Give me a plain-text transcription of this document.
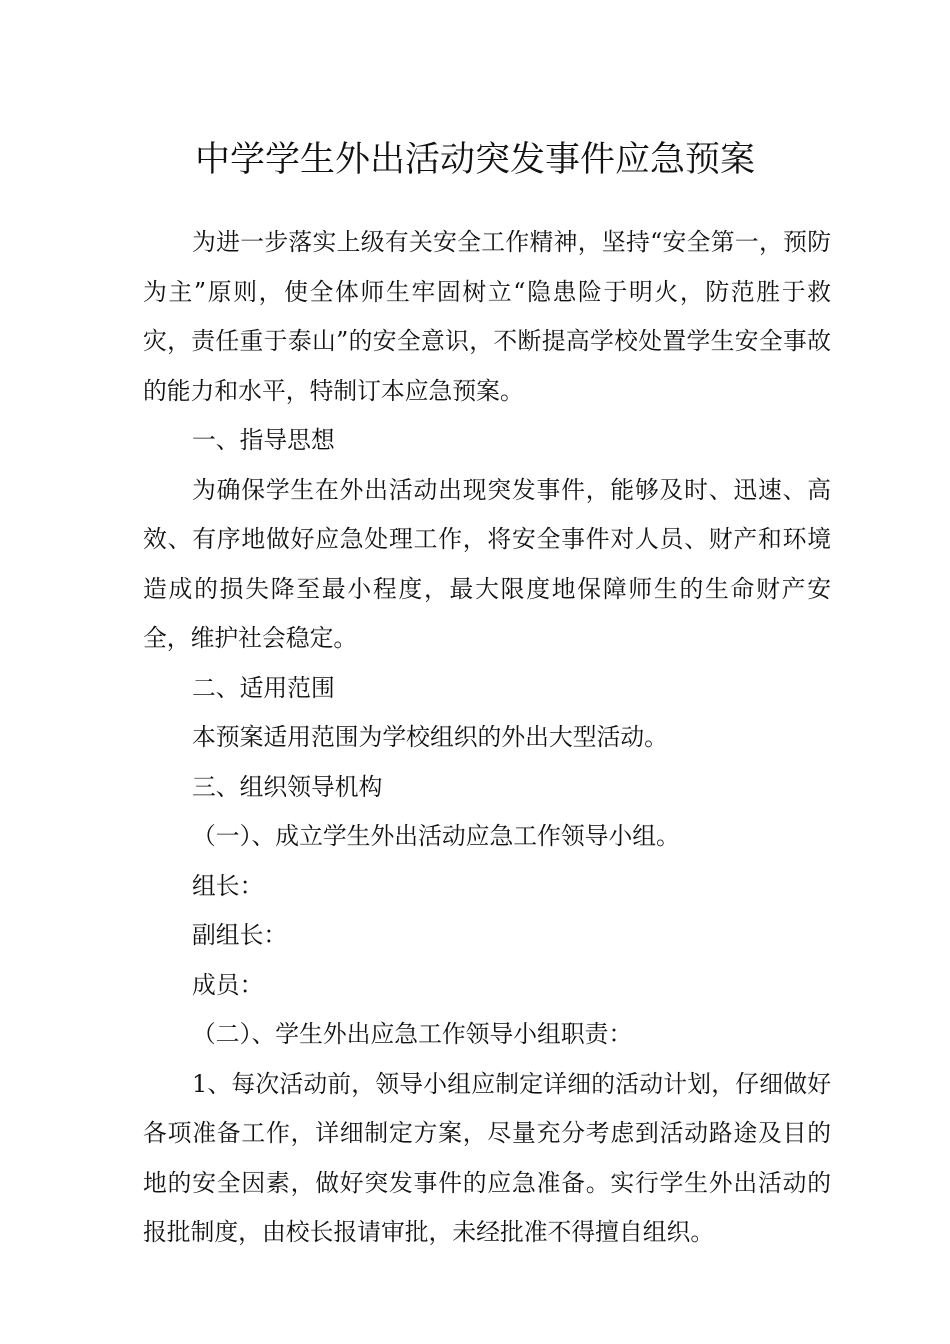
中学学生外出活动突发事件应急预案

为进一步落实上级有关安全工作精神，坚持“安全第一，预防为主”原则，使全体师生牢固树立“隐患险于明火，防范胜于救灾，责任重于泰山”的安全意识，不断提高学校处置学生安全事故的能力和水平，特制订本应急预案。

一、指导思想

为确保学生在外出活动出现突发事件，能够及时、迅速、高效、有序地做好应急处理工作，将安全事件对人员、财产和环境造成的损失降至最小程度，最大限度地保障师生的生命财产安全，维护社会稳定。

二、适用范围

本预案适用范围为学校组织的外出大型活动。

三、组织领导机构

（一）、成立学生外出活动应急工作领导小组。

组长：

副组长：

成员：

（二）、学生外出应急工作领导小组职责：

1、每次活动前，领导小组应制定详细的活动计划，仔细做好各项准备工作，详细制定方案，尽量充分考虑到活动路途及目的地的安全因素，做好突发事件的应急准备。实行学生外出活动的报批制度，由校长报请审批，未经批准不得擅自组织。
